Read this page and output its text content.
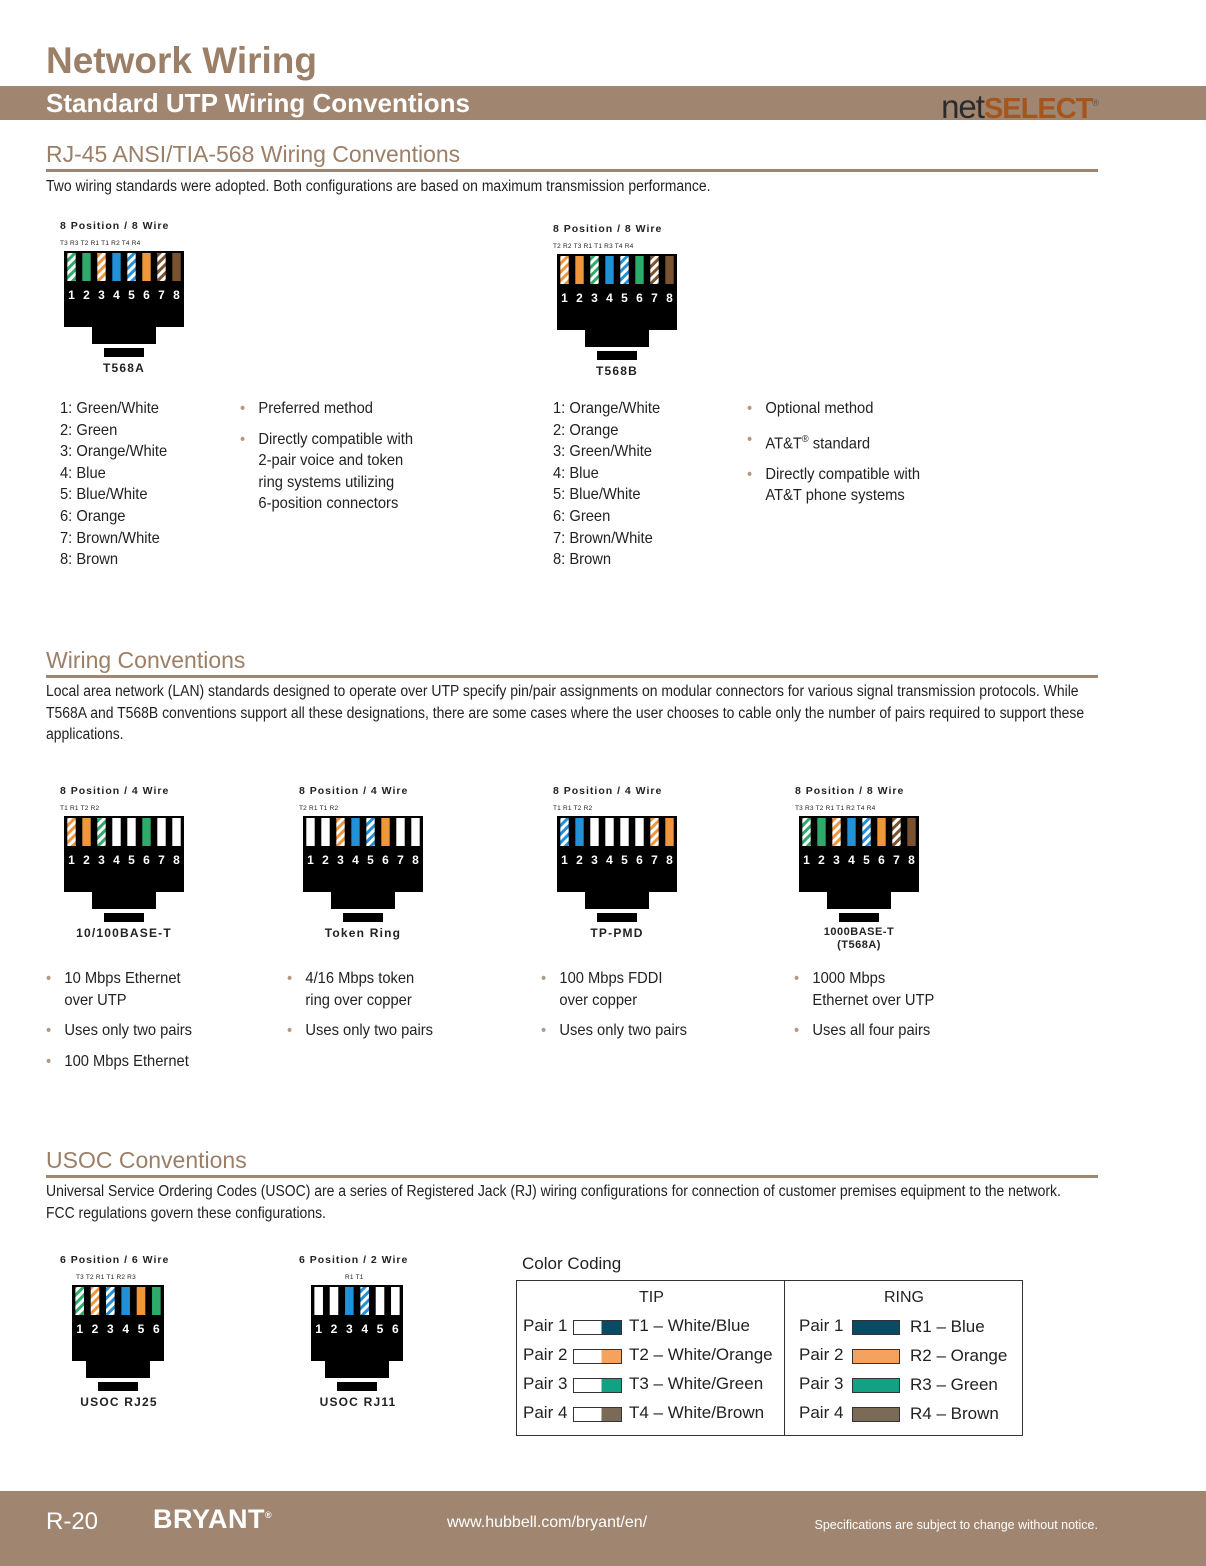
Network Wiring
Standard UTP Wiring Conventions	netSELECT®
RJ-45 ANSI/TIA-568 Wiring Conventions
Two wiring standards were adopted. Both configurations are based on maximum transmission performance.
8 Position / 8 Wire
T3 R3 T2 R1 T1 R2 T4 R4
1 2 3 4 5 6 7 8
T568A
8 Position / 8 Wire
T2 R2 T3 R1 T1 R3 T4 R4
1 2 3 4 5 6 7 8
T568B
1: Green/White
2: Green
3: Orange/White
4: Blue
5: Blue/White
6: Orange
7: Brown/White
8: Brown
• Preferred method
• Directly compatible with
2-pair voice and token
ring systems utilizing
6-position connectors
1: Orange/White
2: Orange
3: Green/White
4: Blue
5: Blue/White
6: Green
7: Brown/White
8: Brown
• Optional method
• AT&T® standard
• Directly compatible with
AT&T phone systems
Wiring Conventions
Local area network (LAN) standards designed to operate over UTP specify pin/pair assignments on modular connectors for various signal transmission protocols. While
T568A and T568B conventions support all these designations, there are some cases where the user chooses to cable only the number of pairs required to support these
applications.
8 Position / 4 Wire
T1 R1 T2 R2
1 2 3 4 5 6 7 8
10/100BASE-T
8 Position / 4 Wire
T2 R1 T1 R2
1 2 3 4 5 6 7 8
Token Ring
8 Position / 4 Wire
T1 R1 T2 R2
1 2 3 4 5 6 7 8
TP-PMD
8 Position / 8 Wire
T3 R3 T2 R1 T1 R2 T4 R4
1 2 3 4 5 6 7 8
1000BASE-T
(T568A)
• 10 Mbps Ethernet
over UTP
• Uses only two pairs
• 100 Mbps Ethernet
• 4/16 Mbps token
ring over copper
• Uses only two pairs
• 100 Mbps FDDI
over copper
• Uses only two pairs
• 1000 Mbps
Ethernet over UTP
• Uses all four pairs
USOC Conventions
Universal Service Ordering Codes (USOC) are a series of Registered Jack (RJ) wiring configurations for connection of customer premises equipment to the network.
FCC regulations govern these configurations.
6 Position / 6 Wire
T3 T2 R1 T1 R2 R3
1 2 3 4 5 6
USOC RJ25
6 Position / 2 Wire
R1 T1
1 2 3 4 5 6
USOC RJ11
Color Coding
TIP	RING
Pair 1	T1 – White/Blue	Pair 1	R1 – Blue
Pair 2	T2 – White/Orange Pair 2	R2 – Orange
Pair 3	T3 – White/Green Pair 3	R3 – Green
Pair 4	T4 – White/Brown Pair 4	R4 – Brown
R-20 BRYANT®	www.hubbell.com/bryant/en/	Specifications are subject to change without notice.
